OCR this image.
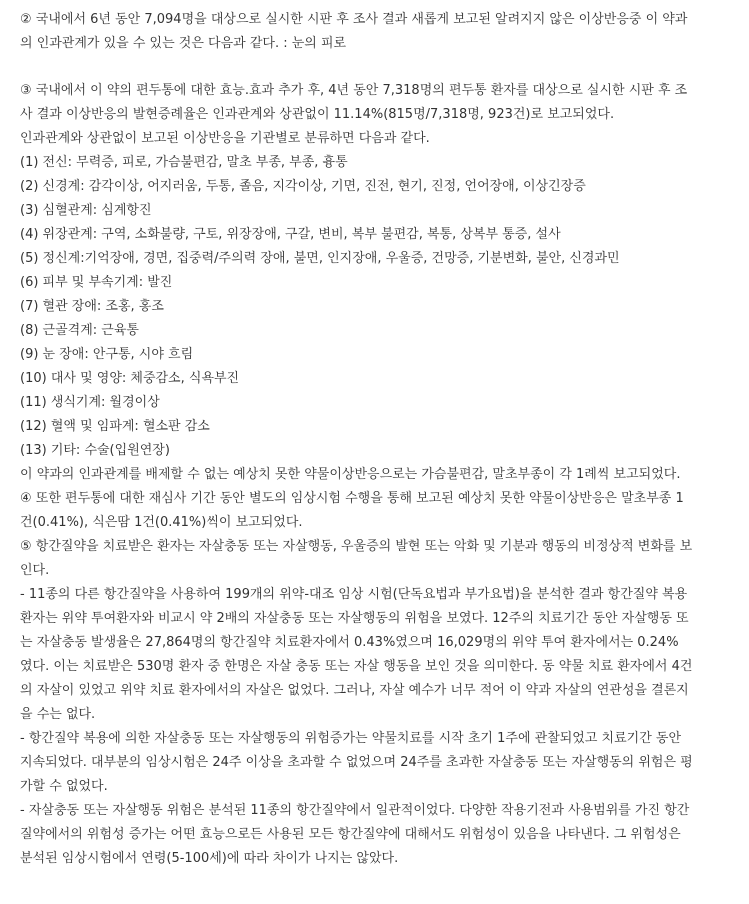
② 국내에서 6년 동안 7,094명을 대상으로 실시한 시판 후 조사 결과 새롭게 보고된 알려지지 않은 이상반응중 이 약과
의 인과관계가 있을 수 있는 것은 다음과 같다. : 눈의 피로
③ 국내에서 이 약의 편두통에 대한 효능.효과 추가 후, 4년 동안 7,318명의 편두통 환자를 대상으로 실시한 시판 후 조
사 결과 이상반응의 발현증례율은 인과관계와 상관없이 11.14%(815명/7,318명, 923건)로 보고되었다.
인과관계와 상관없이 보고된 이상반응을 기관별로 분류하면 다음과 같다.
(1) 전신: 무력증, 피로, 가슴불편감, 말초 부종, 부종, 흉통
(2) 신경계: 감각이상, 어지러움, 두통, 졸음, 지각이상, 기면, 진전, 현기, 진정, 언어장애, 이상긴장증
(3) 심혈관계: 심계항진
(4) 위장관계: 구역, 소화불량, 구토, 위장장애, 구갈, 변비, 복부 불편감, 복통, 상복부 통증, 설사
(5) 정신계:기억장애, 경면, 집중력/주의력 장애, 불면, 인지장애, 우울증, 건망증, 기분변화, 불안, 신경과민
(6) 피부 및 부속기계: 발진
(7) 혈관 장애: 조홍, 홍조
(8) 근골격계: 근육통
(9) 눈 장애: 안구통, 시야 흐림
(10) 대사 및 영양: 체중감소, 식욕부진
(11) 생식기계: 월경이상
(12) 혈액 및 임파계: 혈소판 감소
(13) 기타: 수술(입원연장)
이 약과의 인과관계를 배제할 수 없는 예상치 못한 약물이상반응으로는 가슴불편감, 말초부종이 각 1례씩 보고되었다.
④ 또한 편두통에 대한 재심사 기간 동안 별도의 임상시험 수행을 통해 보고된 예상치 못한 약물이상반응은 말초부종 1
건(0.41%), 식은땀 1건(0.41%)씩이 보고되었다.
⑤ 항간질약을 치료받은 환자는 자살충동 또는 자살행동, 우울증의 발현 또는 악화 및 기분과 행동의 비정상적 변화를 보
인다.
- 11종의 다른 항간질약을 사용하여 199개의 위약-대조 임상 시험(단독요법과 부가요법)을 분석한 결과 항간질약 복용
환자는 위약 투여환자와 비교시 약 2배의 자살충동 또는 자살행동의 위험을 보였다. 12주의 치료기간 동안 자살행동 또
는 자살충동 발생율은 27,864명의 항간질약 치료환자에서 0.43%였으며 16,029명의 위약 투여 환자에서는 0.24%
였다. 이는 치료받은 530명 환자 중 한명은 자살 충동 또는 자살 행동을 보인 것을 의미한다. 동 약물 치료 환자에서 4건
의 자살이 있었고 위약 치료 환자에서의 자살은 없었다. 그러나, 자살 예수가 너무 적어 이 약과 자살의 연관성을 결론지
을 수는 없다.
- 항간질약 복용에 의한 자살충동 또는 자살행동의 위험증가는 약물치료를 시작 초기 1주에 관찰되었고 치료기간 동안
지속되었다. 대부분의 임상시험은 24주 이상을 초과할 수 없었으며 24주를 초과한 자살충동 또는 자살행동의 위험은 평
가할 수 없었다.
- 자살충동 또는 자살행동 위험은 분석된 11종의 항간질약에서 일관적이었다. 다양한 작용기전과 사용범위를 가진 항간
질약에서의 위험성 증가는 어떤 효능으로든 사용된 모든 항간질약에 대해서도 위험성이 있음을 나타낸다. 그 위험성은
분석된 임상시험에서 연령(5-100세)에 따라 차이가 나지는 않았다.
